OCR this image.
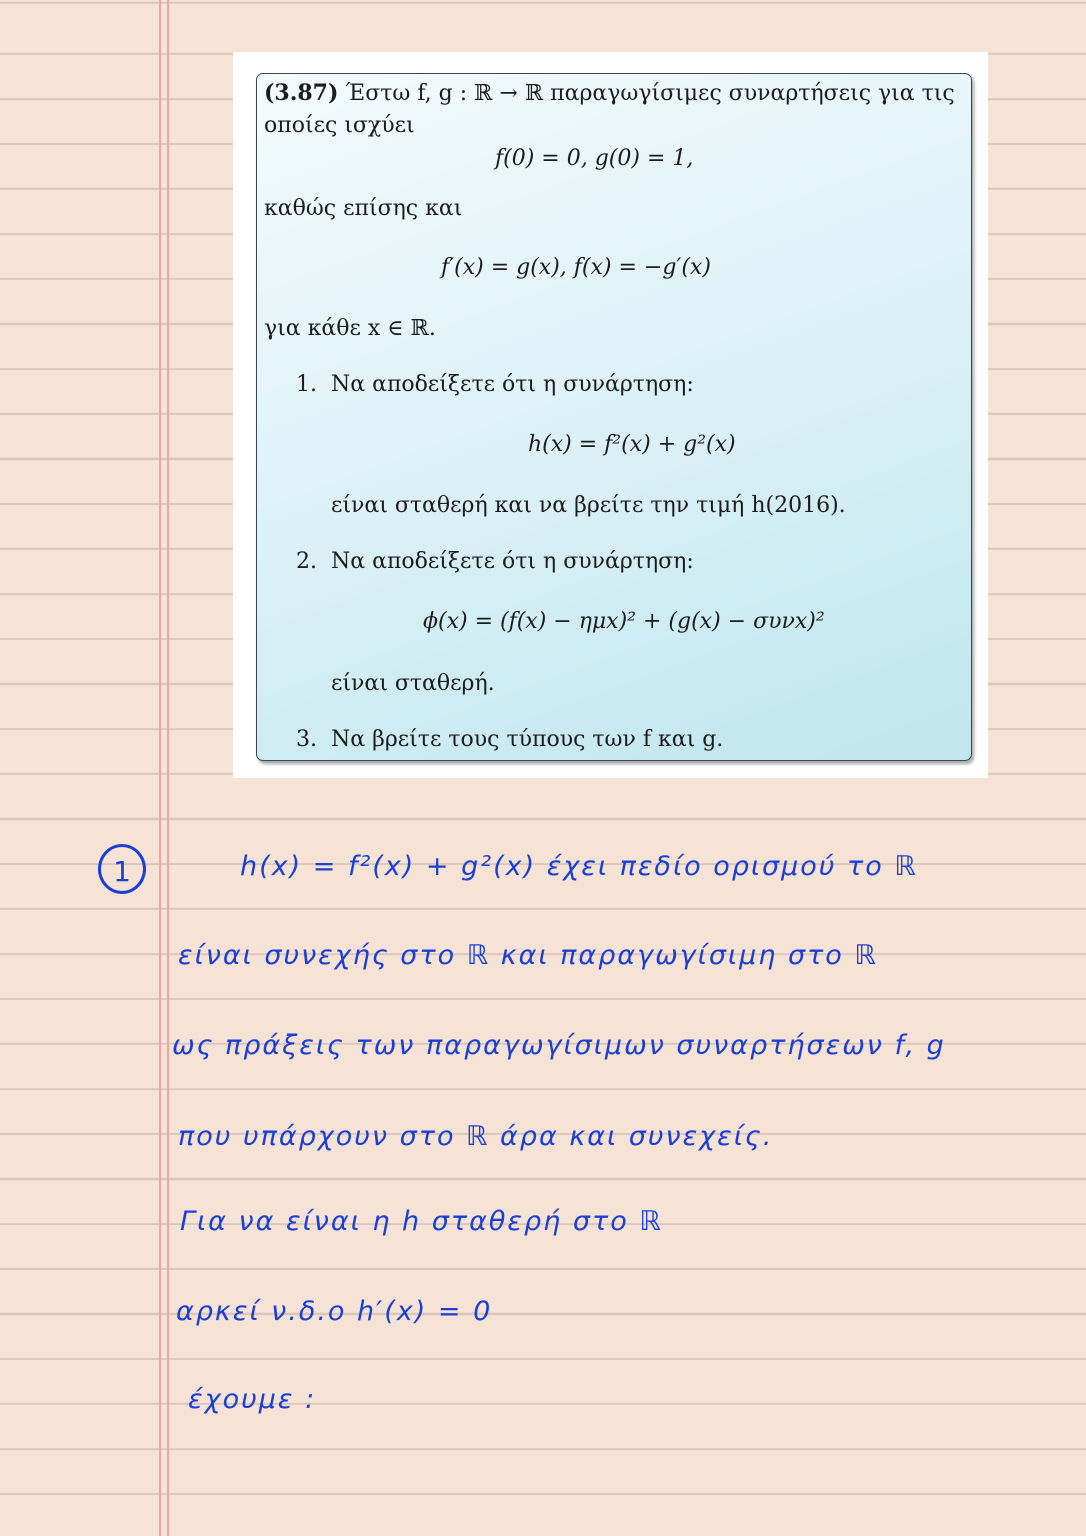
(3.87) Έστω f, g : ℝ → ℝ παραγωγίσιμες συναρτήσεις για τις
οποίες ισχύει
f(0) = 0, g(0) = 1,
καθώς επίσης και
f′(x) = g(x), f(x) = −g′(x)
για κάθε x ∈ ℝ.
1. Να αποδείξετε ότι η συνάρτηση:
h(x) = f²(x) + g²(x)
είναι σταθερή και να βρείτε την τιμή h(2016).
2. Να αποδείξετε ότι η συνάρτηση:
ϕ(x) = (f(x) − ημx)² + (g(x) − συνx)²
είναι σταθερή.
3. Να βρείτε τους τύπους των f και g.
1	h(x) = f²(x) + g²(x) έχει πεδίο ορισμού το ℝ
είναι συνεχής στο ℝ και παραγωγίσιμη στο ℝ
ως πράξεις των παραγωγίσιμων συναρτήσεων f, g
που υπάρχουν στο ℝ άρα και συνεχείς.
Για να είναι η h σταθερή στο ℝ
αρκεί ν.δ.ο h′(x) = 0
έχουμε :
